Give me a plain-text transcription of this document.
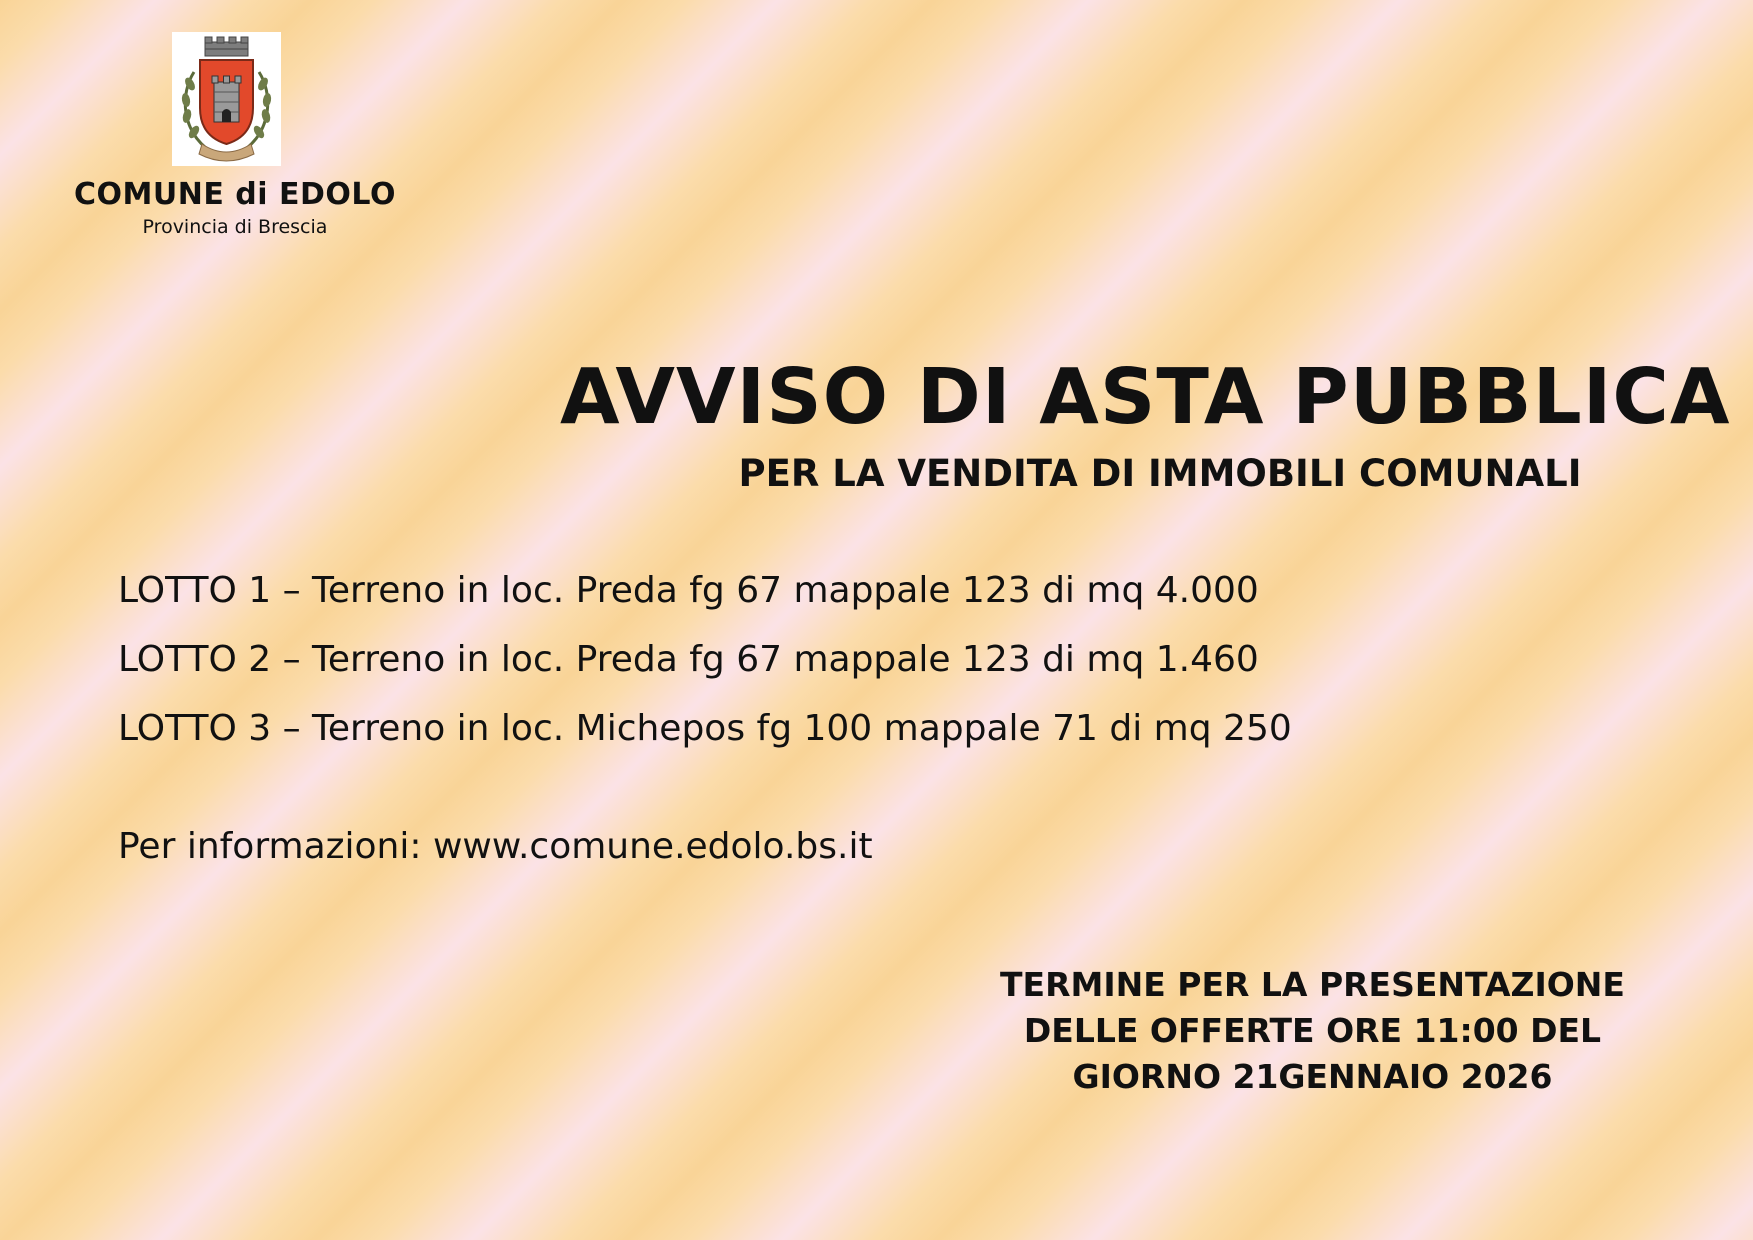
COMUNE di EDOLO
Provincia di Brescia
AVVISO DI ASTA PUBBLICA
PER LA VENDITA DI IMMOBILI COMUNALI
LOTTO 1 – Terreno in loc. Preda fg 67 mappale 123 di mq 4.000
LOTTO 2 – Terreno in loc. Preda fg 67 mappale 123 di mq 1.460
LOTTO 3 – Terreno in loc. Michepos fg 100 mappale 71 di mq 250
Per informazioni: www.comune.edolo.bs.it
TERMINE PER LA PRESENTAZIONE
DELLE OFFERTE ORE 11:00 DEL
GIORNO 21GENNAIO 2026
